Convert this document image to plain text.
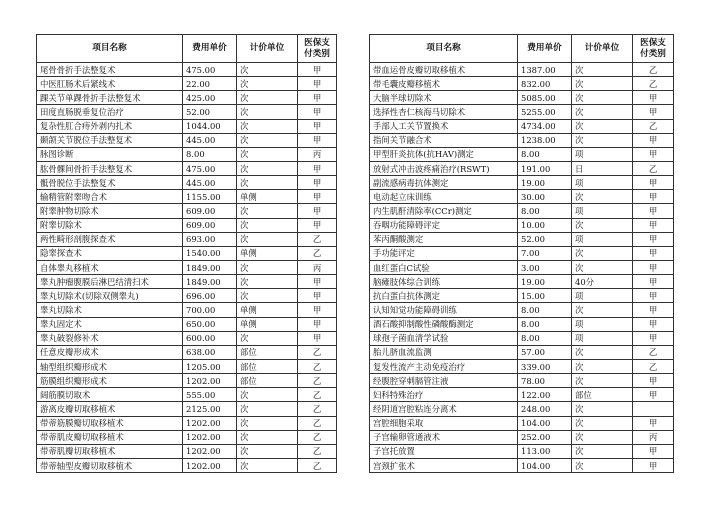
项目名称	费用单价	计价单位	医保支付类别
尾骨骨折手法整复术	475.00	次	甲
中医肛肠术后紧线术	22.00	次	甲
踝关节单踝骨折手法整复术	425.00	次	甲
田度直肠脱垂复位治疗	52.00	次	甲
复杂性肛合痔外剥内扎术	1044.00	次	甲
颞颌关节脱位手法整复术	445.00	次	甲
脉图诊断	8.00	次	丙
肱骨髁间骨折手法整复术	475.00	次	甲
骶骨脱位手法整复术	445.00	次	甲
输精管附睾吻合术	1155.00	单侧	甲
附睾肿物切除术	609.00	次	甲
附睾切除术	609.00	次	甲
两性畸形剖腹探查术	693.00	次	乙
隐睾探查术	1540.00	单侧	乙
自体睾丸移植术	1849.00	次	丙
睾丸肿瘤腹膜后淋巴结清扫术	1849.00	次	甲
睾丸切除术(切除双侧睾丸)	696.00	次	甲
睾丸切除术	700.00	单侧	甲
睾丸固定术	650.00	单侧	甲
睾丸破裂修补术	600.00	次	甲
任意皮瓣形成术	638.00	部位	乙
轴型组织瓣形成术	1205.00	部位	乙
筋膜组织瓣形成术	1202.00	部位	乙
阔筋膜切取术	555.00	次	乙
游离皮瓣切取移植术	2125.00	次	乙
带蒂筋膜瓣切取移植术	1202.00	次	乙
带蒂肌皮瓣切取移植术	1202.00	次	乙
带蒂肌瓣切取移植术	1202.00	次	乙
带蒂轴型皮瓣切取移植术	1202.00	次	乙
项目名称	费用单价	计价单位	医保支付类别
带血运骨皮瓣切取移植术	1387.00	次	乙
带毛囊皮瓣移植术	832.00	次	乙
大脑半球切除术	5085.00	次	甲
选择性杏仁核海马切除术	5255.00	次	甲
手部人工关节置换术	4734.00	次	乙
指间关节融合术	1238.00	次	甲
甲型肝炎抗体(抗HAV)测定	8.00	项	甲
放射式冲击波疼痛治疗(RSWT)	191.00	日	乙
副流感病毒抗体测定	19.00	项	甲
电动起立床训练	30.00	次	甲
内生肌酐清除率(CCr)测定	8.00	项	甲
吞咽功能障碍评定	10.00	次	甲
苯丙酮酸测定	52.00	项	甲
手功能评定	7.00	次	甲
血红蛋白C试验	3.00	次	甲
脑瘫肢体综合训练	19.00	40分	甲
抗白蛋白抗体测定	15.00	项	甲
认知知觉功能障碍训练	8.00	次	甲
酒石酸抑制酸性磷酸酶测定	8.00	项	甲
球孢子菌血清学试验	8.00	项	甲
胎儿脐血流监测	57.00	次	乙
复发性流产主动免疫治疗	339.00	次	乙
经腹腔穿刺膈管注液	78.00	次	甲
妇科特殊治疗	122.00	部位	甲
经阴道宫腔粘连分离术	248.00	次	
宫腔细胞采取	104.00	次	甲
子宫输卵管通液术	252.00	次	丙
子宫托放置	113.00	次	甲
宫颈扩张术	104.00	次	甲
